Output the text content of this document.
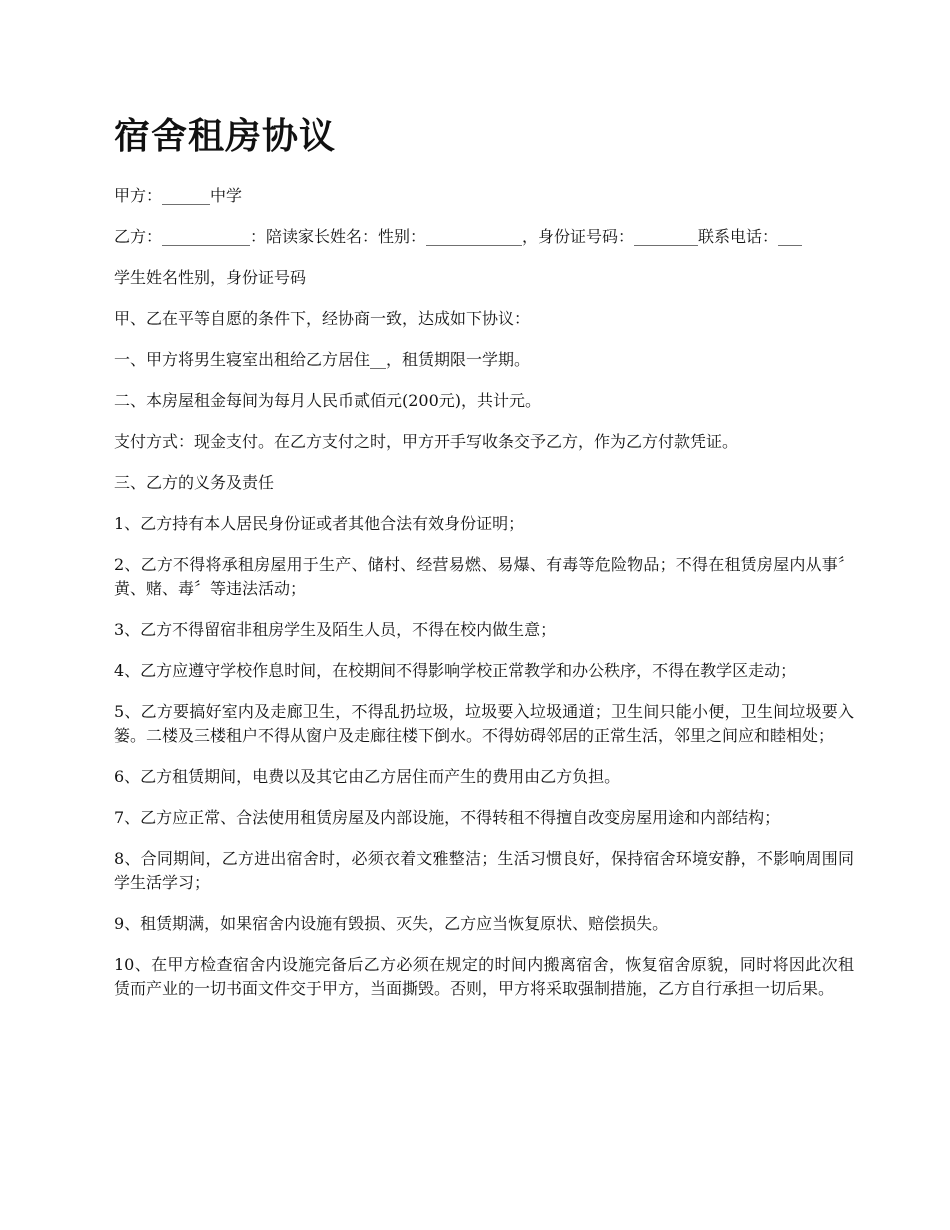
宿舍租房协议

甲方：______中学

乙方：___________：陪读家长姓名：性别：____________，身份证号码：________联系电话：___

学生姓名性别，身份证号码

甲、乙在平等自愿的条件下，经协商一致，达成如下协议：

一、甲方将男生寝室出租给乙方居住__，租赁期限一学期。

二、本房屋租金每间为每月人民币贰佰元(200元)，共计元。

支付方式：现金支付。在乙方支付之时，甲方开手写收条交予乙方，作为乙方付款凭证。

三、乙方的义务及责任

1、乙方持有本人居民身份证或者其他合法有效身份证明；

2、乙方不得将承租房屋用于生产、储村、经营易燃、易爆、有毒等危险物品；不得在租赁房屋内从事〞黄、赌、毒〞等违法活动；

3、乙方不得留宿非租房学生及陌生人员，不得在校内做生意；

4、乙方应遵守学校作息时间，在校期间不得影响学校正常教学和办公秩序，不得在教学区走动；

5、乙方要搞好室内及走廊卫生，不得乱扔垃圾，垃圾要入垃圾通道；卫生间只能小便，卫生间垃圾要入篓。二楼及三楼租户不得从窗户及走廊往楼下倒水。不得妨碍邻居的正常生活，邻里之间应和睦相处；

6、乙方租赁期间，电费以及其它由乙方居住而产生的费用由乙方负担。

7、乙方应正常、合法使用租赁房屋及内部设施，不得转租不得擅自改变房屋用途和内部结构；

8、合同期间，乙方进出宿舍时，必须衣着文雅整洁；生活习惯良好，保持宿舍环境安静，不影响周围同学生活学习；

9、租赁期满，如果宿舍内设施有毁损、灭失，乙方应当恢复原状、赔偿损失。

10、在甲方检查宿舍内设施完备后乙方必须在规定的时间内搬离宿舍，恢复宿舍原貌，同时将因此次租赁而产业的一切书面文件交于甲方，当面撕毁。否则，甲方将采取强制措施，乙方自行承担一切后果。
